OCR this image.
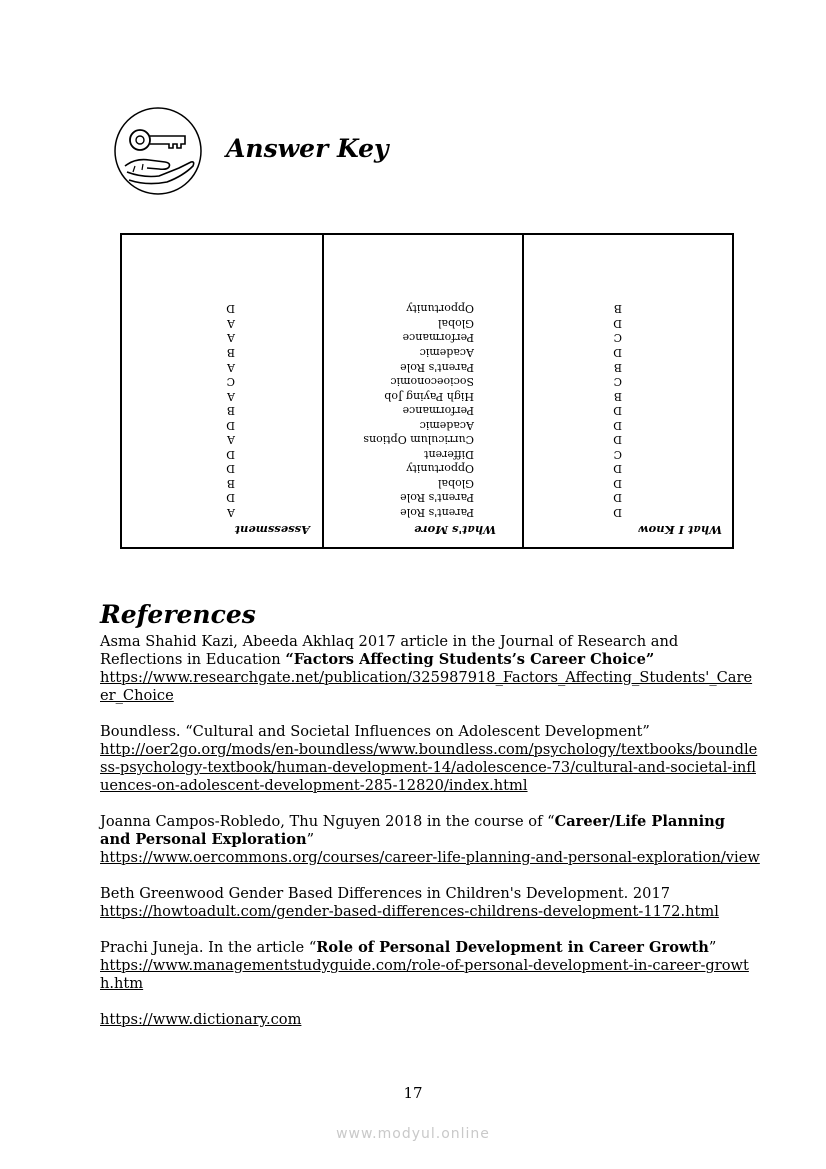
Answer Key
Assessment
A
D
B
D
D
A
D
B
A
C
A
B
A
A
D
What's More
Parent's Role
Parent's Role
Global
Opportunity
Different
Curriculum Options
Academic
Performance
High Paying Job
Socioeconomic
Parent's Role
Academic
Performance
Global
Opportunity
What I Know
D
D
D
D
C
D
D
D
B
C
B
D
C
D
B
References

Asma Shahid Kazi, Abeeda Akhlaq 2017 article in the Journal of Research and Reflections in Education “Factors Affecting Students’s Career Choice”
https://www.researchgate.net/publication/325987918_Factors_Affecting_Students'_Career_Choice

Boundless. “Cultural and Societal Influences on Adolescent Development”
http://oer2go.org/mods/en-boundless/www.boundless.com/psychology/textbooks/boundless-psychology-textbook/human-development-14/adolescence-73/cultural-and-societal-influences-on-adolescent-development-285-12820/index.html

Joanna Campos-Robledo, Thu Nguyen 2018 in the course of “Career/Life Planning and Personal Exploration”
https://www.oercommons.org/courses/career-life-planning-and-personal-exploration/view

Beth Greenwood Gender Based Differences in Children's Development. 2017
https://howtoadult.com/gender-based-differences-childrens-development-1172.html

Prachi Juneja. In the article “Role of Personal Development in Career Growth”
https://www.managementstudyguide.com/role-of-personal-development-in-career-growth.htm

https://www.dictionary.com

17
www.modyul.online
